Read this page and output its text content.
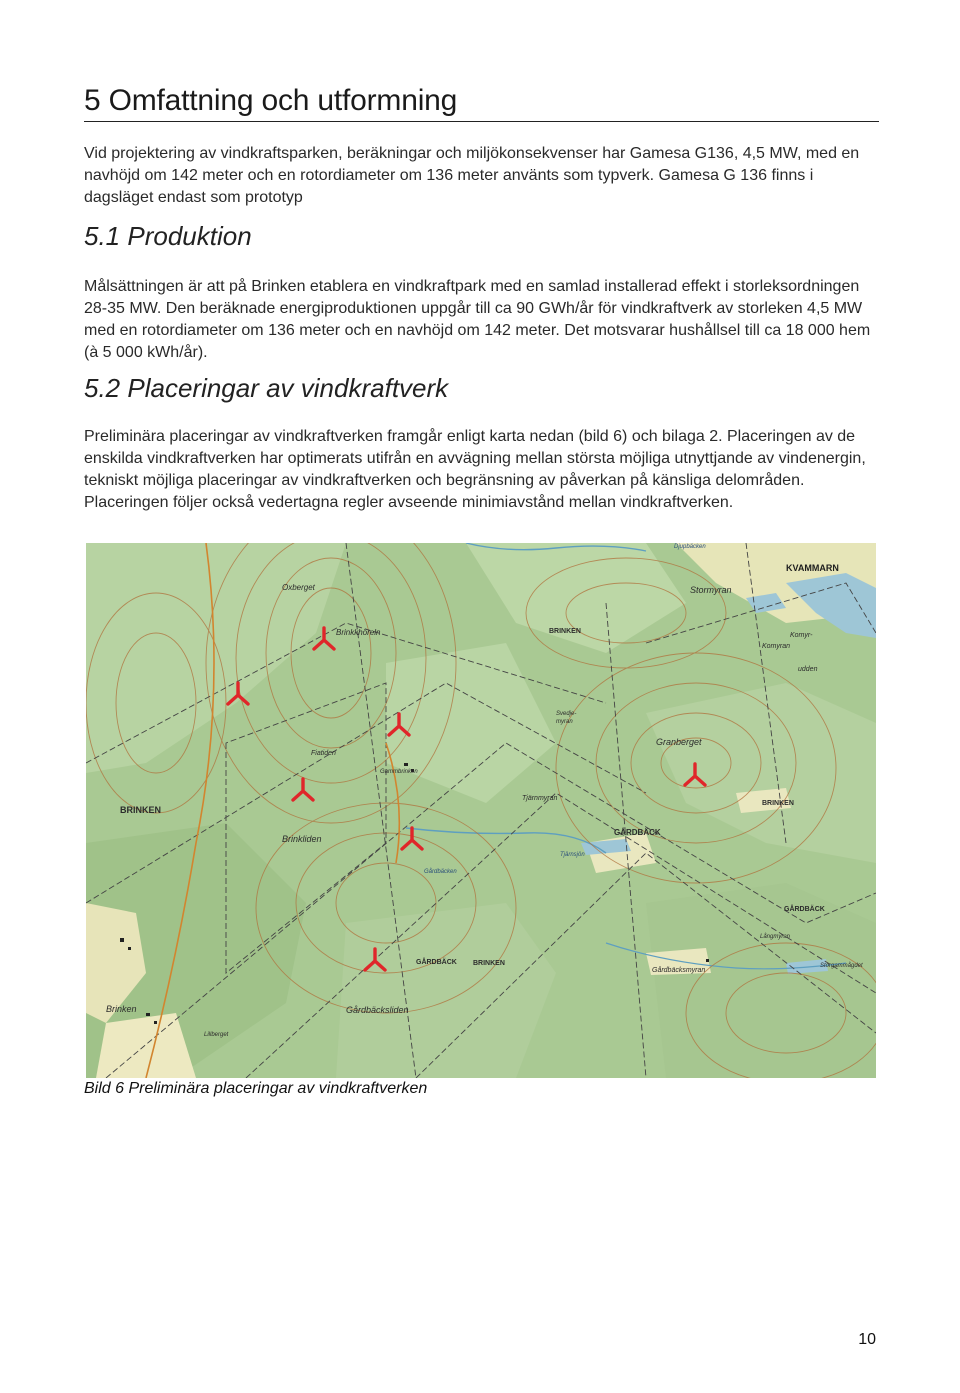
5 Omfattning och utformning

Vid projektering av vindkraftsparken, beräkningar och miljökonsekvenser har Gamesa G136, 4,5 MW, med en navhöjd om 142 meter och en rotordiameter om 136 meter använts som typverk. Gamesa G 136 finns i dagsläget endast som prototyp

5.1 Produktion

Målsättningen är att på Brinken etablera en vindkraftpark med en samlad installerad effekt i storleksordningen 28-35 MW. Den beräknade energiproduktionen uppgår till ca 90 GWh/år för vindkraftverk av storleken 4,5 MW med en rotordiameter om 136 meter och en navhöjd om 142 meter. Det motsvarar hushållsel till ca 18 000 hem (à 5 000 kWh/år).

5.2 Placeringar av vindkraftverk

Preliminära placeringar av vindkraftverken framgår enligt karta nedan (bild 6) och bilaga 2. Placeringen av de enskilda vindkraftverken har optimerats utifrån en avvägning mellan största möjliga utnyttjande av vindenergin, tekniskt möjliga placeringar av vindkraftverken och begränsning av påverkan på känsliga delområden. Placeringen följer också vedertagna regler avseende minimiavstånd mellan vindkraftverken.

Oxberget
Brinkkhöreln
KVAMMARN
Stormyran
Djupbäcken
BRINKEN
Komyr-
Komyran
udden
Svedje-
myran
Granberget
BRINKEN
Fiatiden
Gammbrinken
Tjärnmyran
BRINKEN
Brinkliden
GÅRDBÄCK
Tjärnsjön
Gårdbäcken
Långmyran
GÅRDBÄCK
GÅRDBÄCK BRINKEN
Gårdbäcksmyran
Storgammågdet
Brinken	Gårdbäcksliden
Lillberget

Bild 6 Preliminära placeringar av vindkraftverken

10
